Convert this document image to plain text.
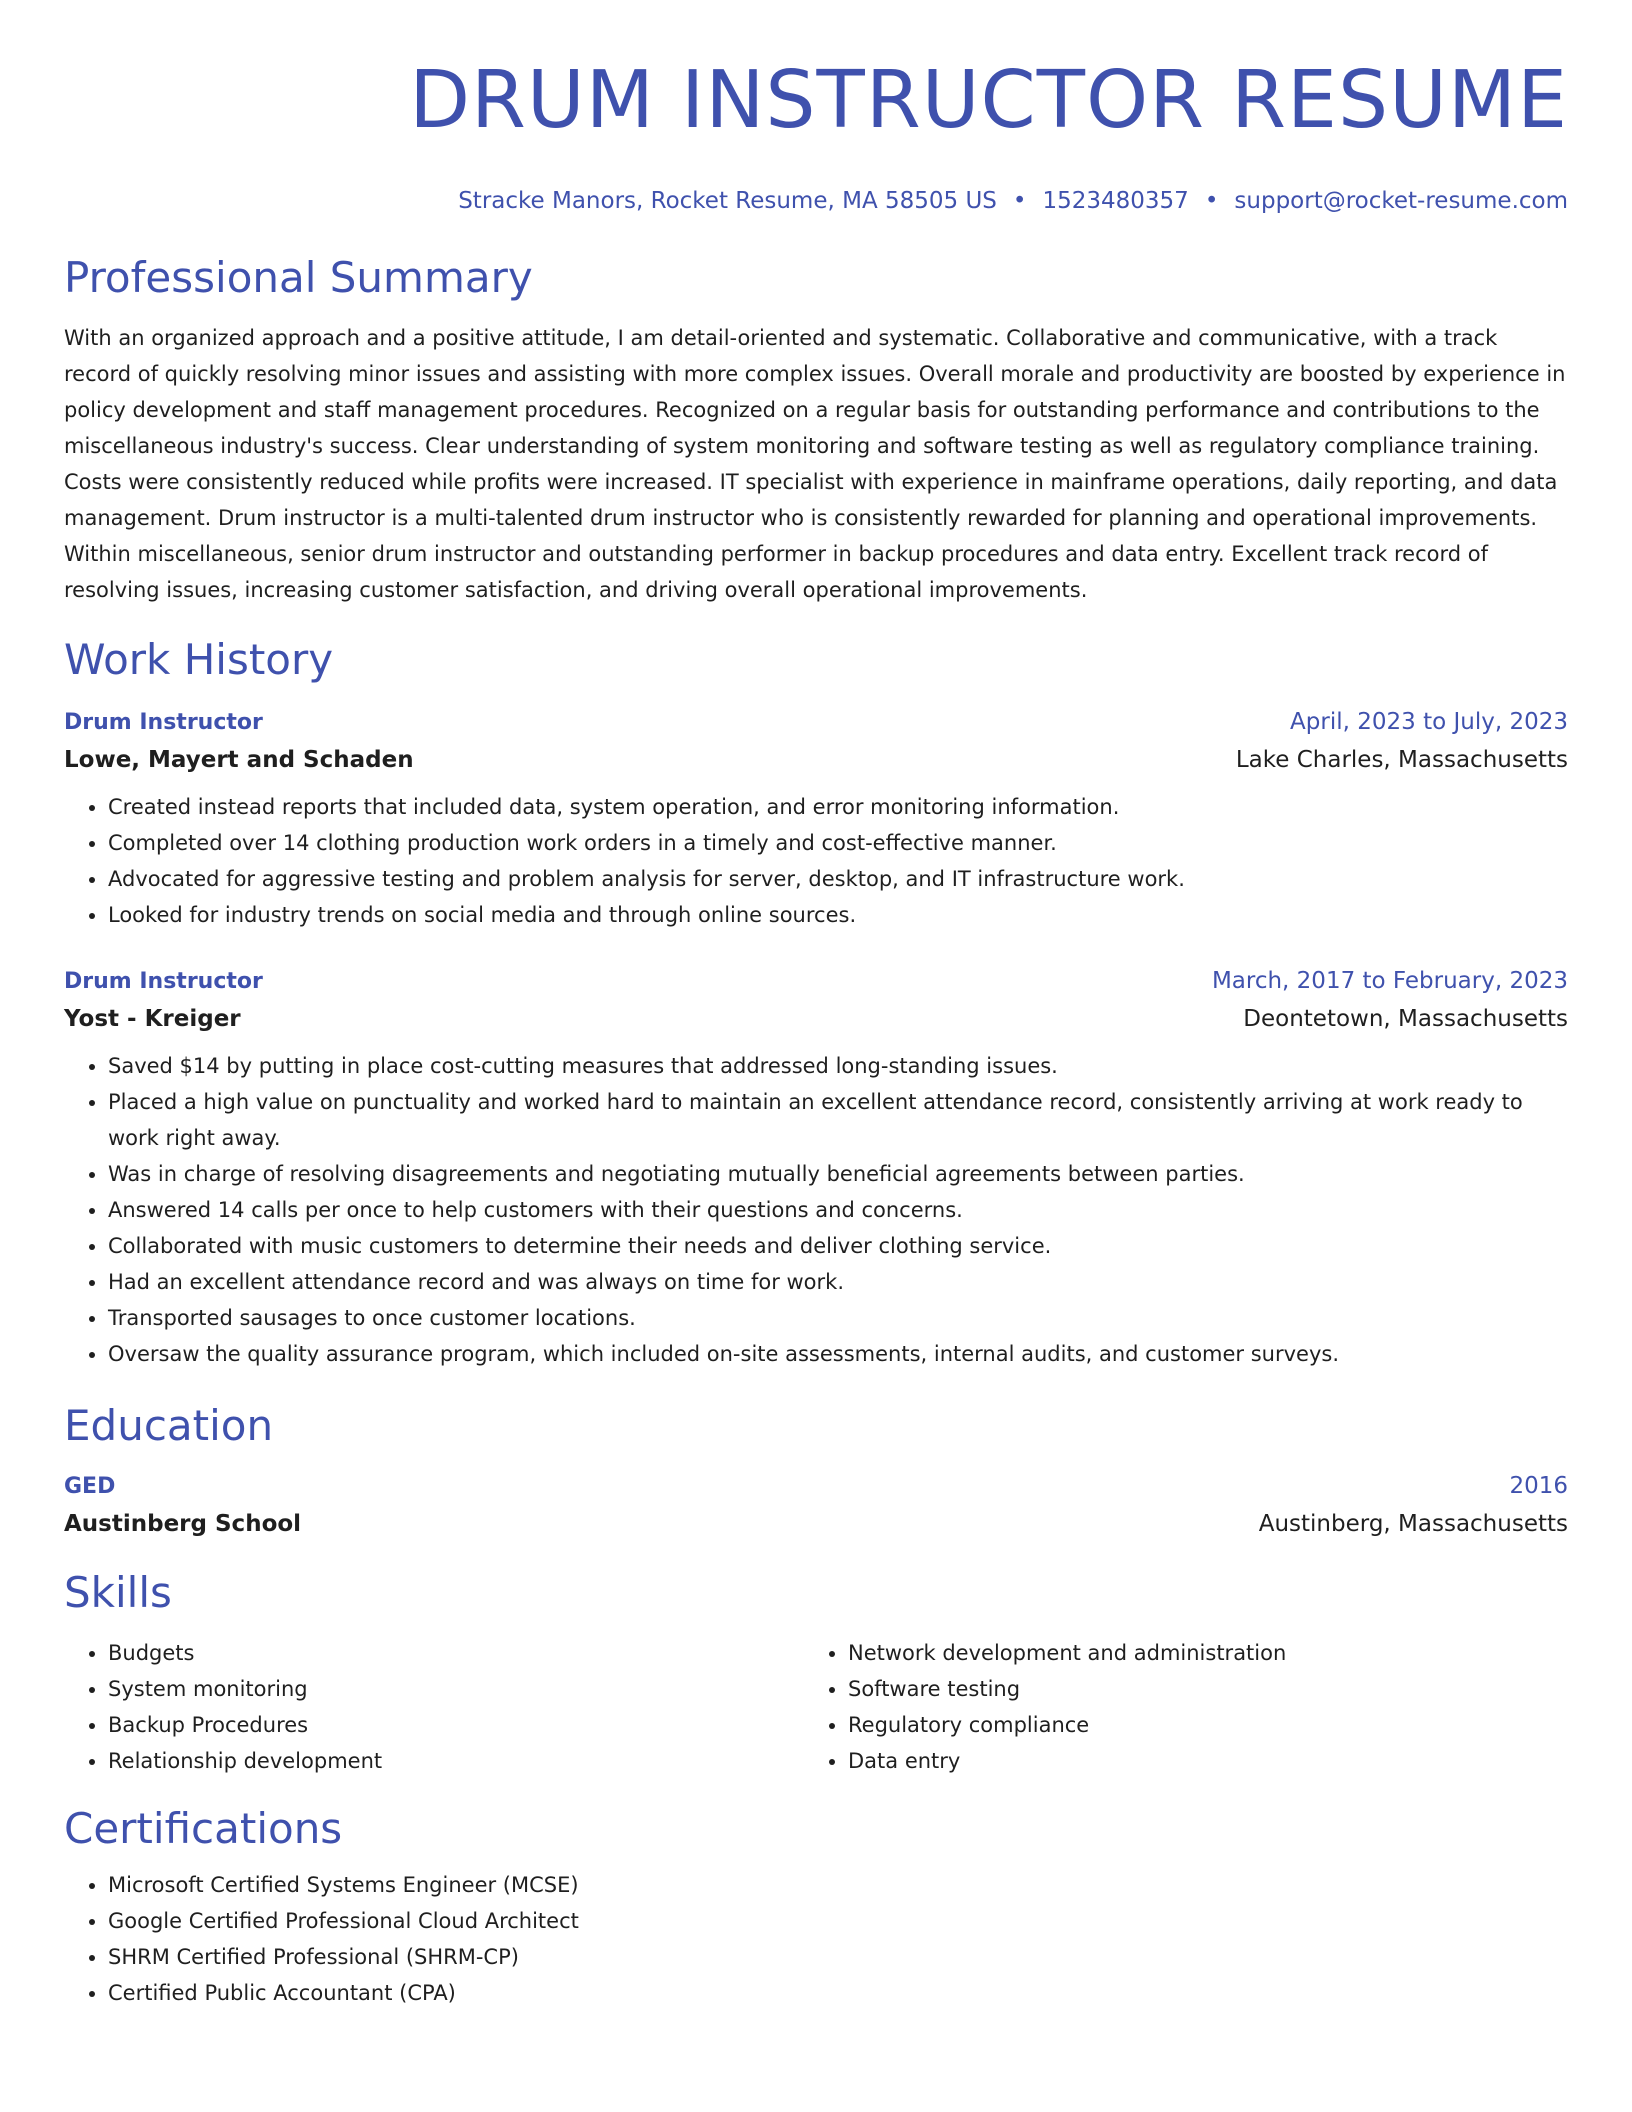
DRUM INSTRUCTOR RESUME
Stracke Manors, Rocket Resume, MA 58505 US • 1523480357 • support@rocket-resume.com
Professional Summary
With an organized approach and a positive attitude, I am detail-oriented and systematic. Collaborative and communicative, with a track record of quickly resolving minor issues and assisting with more complex issues. Overall morale and productivity are boosted by experience in policy development and staff management procedures. Recognized on a regular basis for outstanding performance and contributions to the miscellaneous industry's success. Clear understanding of system monitoring and software testing as well as regulatory compliance training. Costs were consistently reduced while profits were increased. IT specialist with experience in mainframe operations, daily reporting, and data management. Drum instructor is a multi-talented drum instructor who is consistently rewarded for planning and operational improvements. Within miscellaneous, senior drum instructor and outstanding performer in backup procedures and data entry. Excellent track record of resolving issues, increasing customer satisfaction, and driving overall operational improvements.
Work History
Drum Instructor	April, 2023 to July, 2023
Lowe, Mayert and Schaden	Lake Charles, Massachusetts
• Created instead reports that included data, system operation, and error monitoring information.
• Completed over 14 clothing production work orders in a timely and cost-effective manner.
• Advocated for aggressive testing and problem analysis for server, desktop, and IT infrastructure work.
• Looked for industry trends on social media and through online sources.
Drum Instructor	March, 2017 to February, 2023
Yost - Kreiger	Deontetown, Massachusetts
• Saved $14 by putting in place cost-cutting measures that addressed long-standing issues.
• Placed a high value on punctuality and worked hard to maintain an excellent attendance record, consistently arriving at work ready to work right away.
• Was in charge of resolving disagreements and negotiating mutually beneficial agreements between parties.
• Answered 14 calls per once to help customers with their questions and concerns.
• Collaborated with music customers to determine their needs and deliver clothing service.
• Had an excellent attendance record and was always on time for work.
• Transported sausages to once customer locations.
• Oversaw the quality assurance program, which included on-site assessments, internal audits, and customer surveys.
Education
GED	2016
Austinberg School	Austinberg, Massachusetts
Skills
• Budgets
• System monitoring
• Backup Procedures
• Relationship development
• Network development and administration
• Software testing
• Regulatory compliance
• Data entry
Certifications
• Microsoft Certified Systems Engineer (MCSE)
• Google Certified Professional Cloud Architect
• SHRM Certified Professional (SHRM-CP)
• Certified Public Accountant (CPA)
